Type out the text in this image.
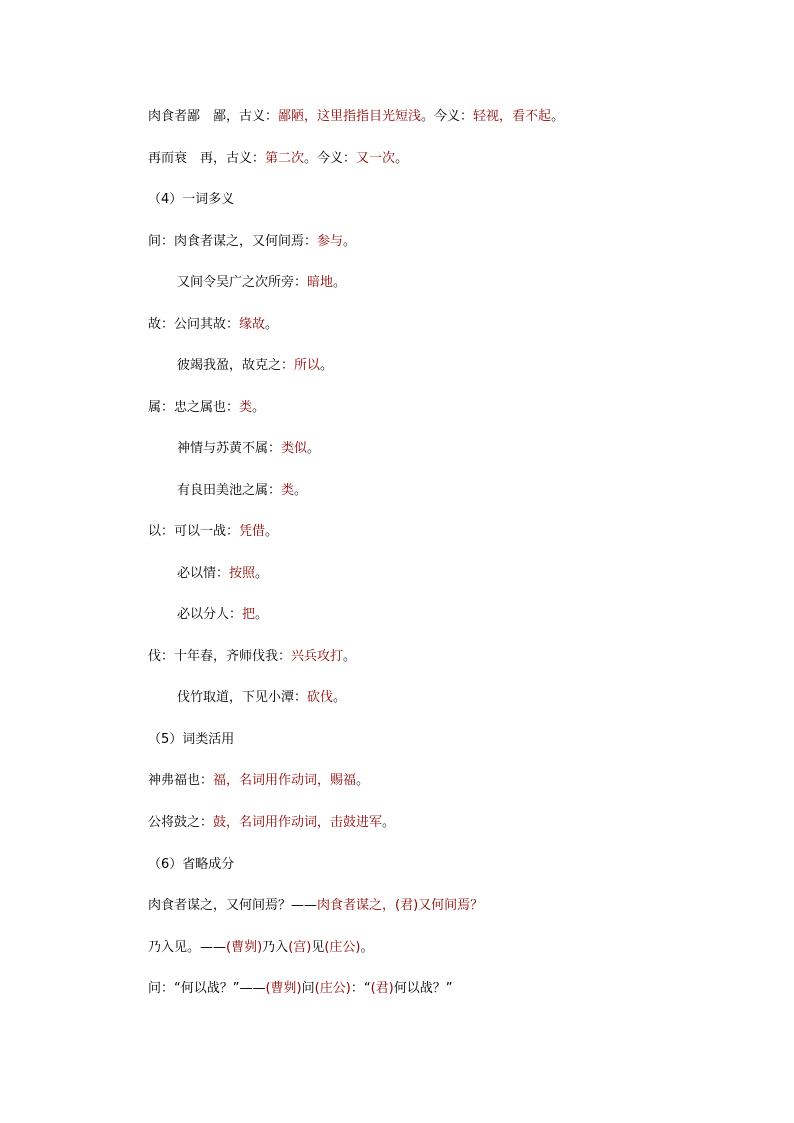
肉食者鄙　鄙，古义：鄙陋，这里指指目光短浅。今义：轻视，看不起。
再而衰　再，古义：第二次。今义：又一次。
（4）一词多义
间：肉食者谋之，又何间焉：参与。
又间令吴广之次所旁：暗地。
故：公问其故：缘故。
彼竭我盈，故克之：所以。
属：忠之属也：类。
神情与苏黄不属：类似。
有良田美池之属：类。
以：可以一战：凭借。
必以情：按照。
必以分人：把。
伐：十年春，齐师伐我：兴兵攻打。
伐竹取道，下见小潭：砍伐。
（5）词类活用
神弗福也：福，名词用作动词，赐福。
公将鼓之：鼓，名词用作动词，击鼓进军。
（6）省略成分
肉食者谋之，又何间焉？——肉食者谋之，(君)又何间焉？
乃入见。——(曹刿)乃入(宫)见(庄公)。
问：“何以战？”——(曹刿)问(庄公)：“(君)何以战？”
